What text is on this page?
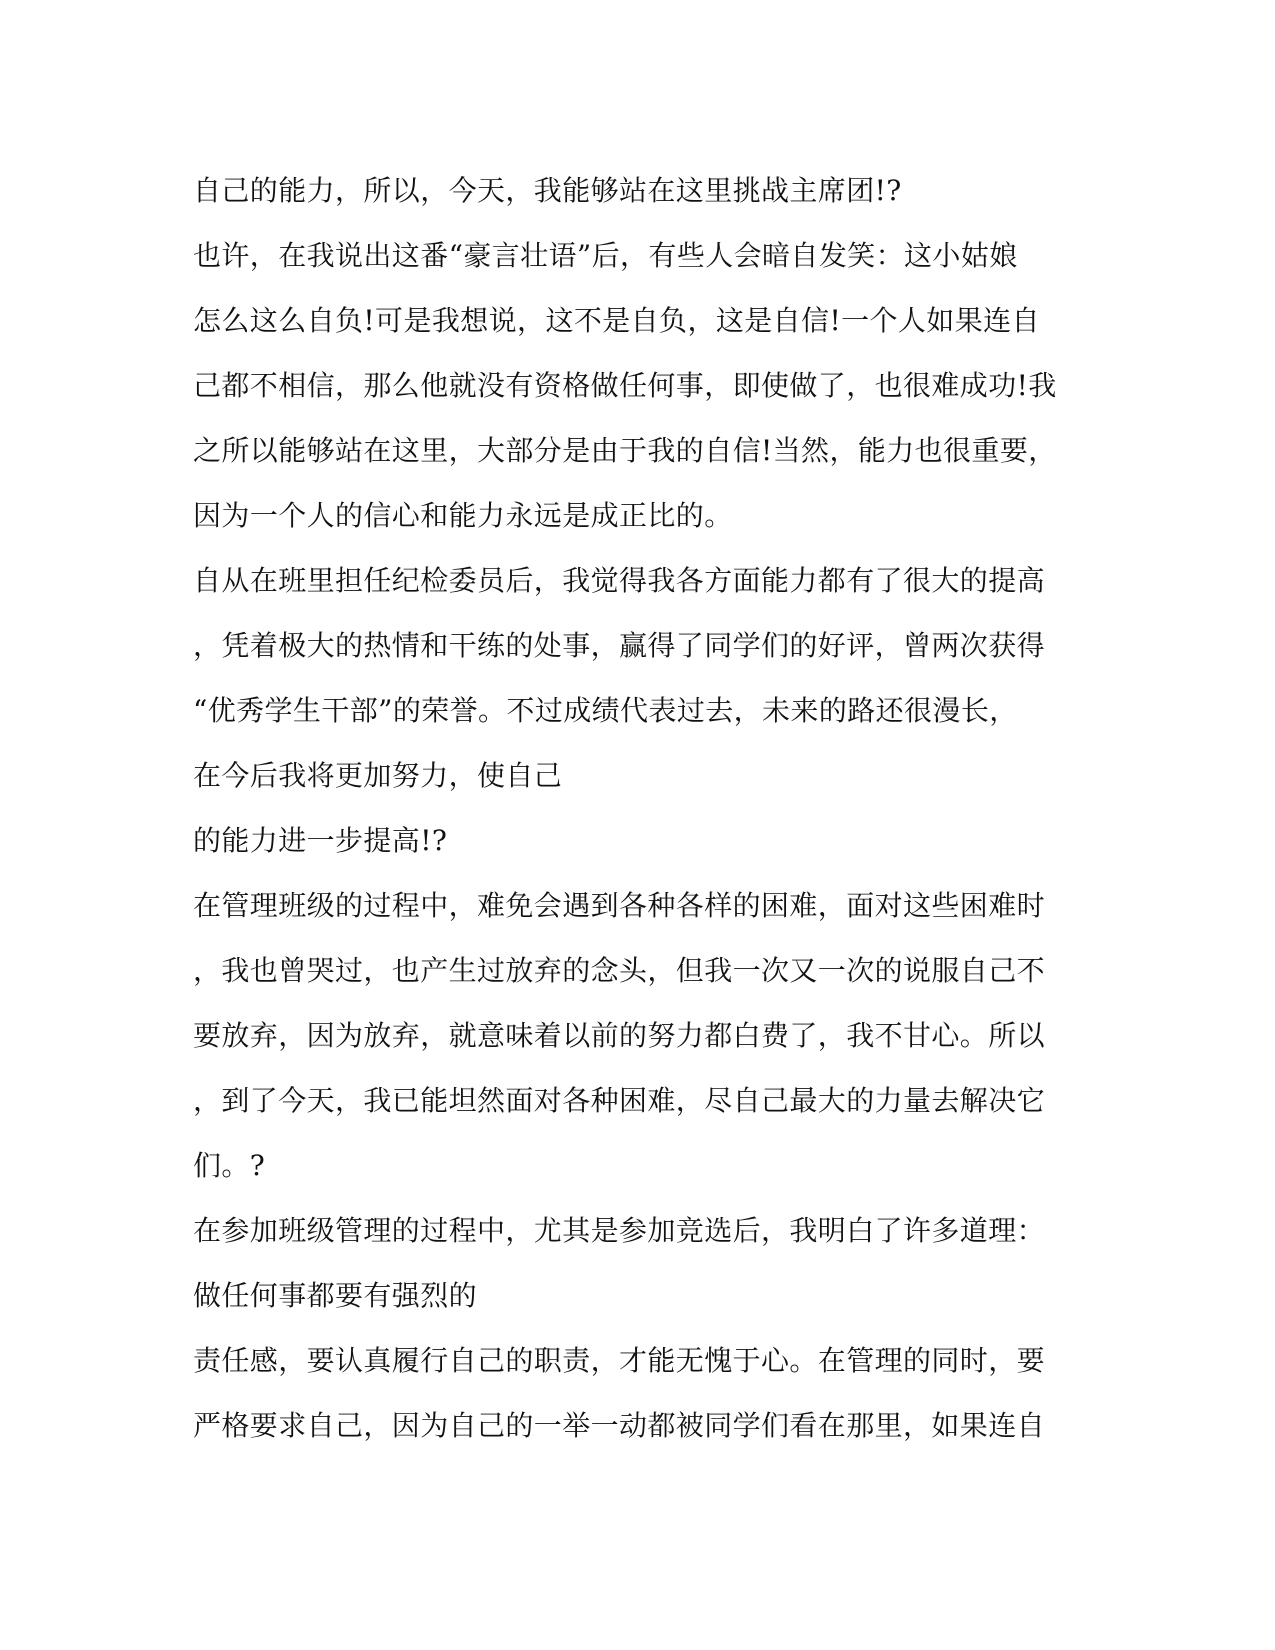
自己的能力，所以，今天，我能够站在这里挑战主席团!?
也许，在我说出这番“豪言壮语”后，有些人会暗自发笑：这小姑娘
怎么这么自负!可是我想说，这不是自负，这是自信!一个人如果连自
己都不相信，那么他就没有资格做任何事，即使做了，也很难成功!我
之所以能够站在这里，大部分是由于我的自信!当然，能力也很重要，
因为一个人的信心和能力永远是成正比的。
自从在班里担任纪检委员后，我觉得我各方面能力都有了很大的提高
，凭着极大的热情和干练的处事，赢得了同学们的好评，曾两次获得
“优秀学生干部”的荣誉。不过成绩代表过去，未来的路还很漫长，
在今后我将更加努力，使自己
的能力进一步提高!?
在管理班级的过程中，难免会遇到各种各样的困难，面对这些困难时
，我也曾哭过，也产生过放弃的念头，但我一次又一次的说服自己不
要放弃，因为放弃，就意味着以前的努力都白费了，我不甘心。所以
，到了今天，我已能坦然面对各种困难，尽自己最大的力量去解决它
们。?
在参加班级管理的过程中，尤其是参加竞选后，我明白了许多道理：
做任何事都要有强烈的
责任感，要认真履行自己的职责，才能无愧于心。在管理的同时，要
严格要求自己，因为自己的一举一动都被同学们看在那里，如果连自
